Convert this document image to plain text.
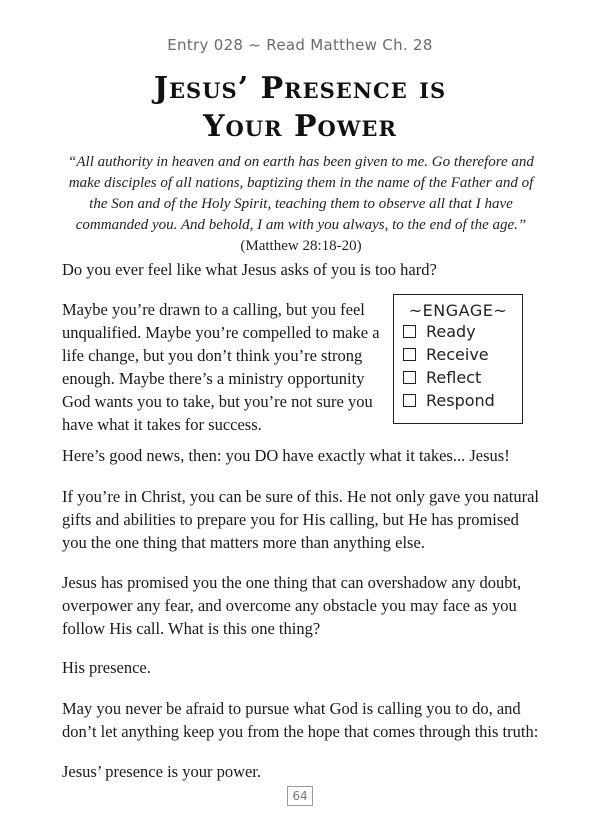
Entry 028 ~ Read Matthew Ch. 28
Jesus’ Presence is
Your Power
“All authority in heaven and on earth has been given to me. Go therefore and make disciples of all nations, baptizing them in the name of the Father and of the Son and of the Holy Spirit, teaching them to observe all that I have commanded you. And behold, I am with you always, to the end of the age.” (Matthew 28:18-20)

Do you ever feel like what Jesus asks of you is too hard?

Maybe you’re drawn to a calling, but you feel unqualified. Maybe you’re compelled to make a life change, but you don’t think you’re strong enough. Maybe there’s a ministry opportunity God wants you to take, but you’re not sure you have what it takes for success.

~ENGAGE~
Ready
Receive
Reflect
Respond

Here’s good news, then: you DO have exactly what it takes... Jesus!

If you’re in Christ, you can be sure of this. He not only gave you natural gifts and abilities to prepare you for His calling, but He has promised you the one thing that matters more than anything else.

Jesus has promised you the one thing that can overshadow any doubt, overpower any fear, and overcome any obstacle you may face as you follow His call. What is this one thing?

His presence.

May you never be afraid to pursue what God is calling you to do, and don’t let anything keep you from the hope that comes through this truth:

Jesus’ presence is your power.

64
